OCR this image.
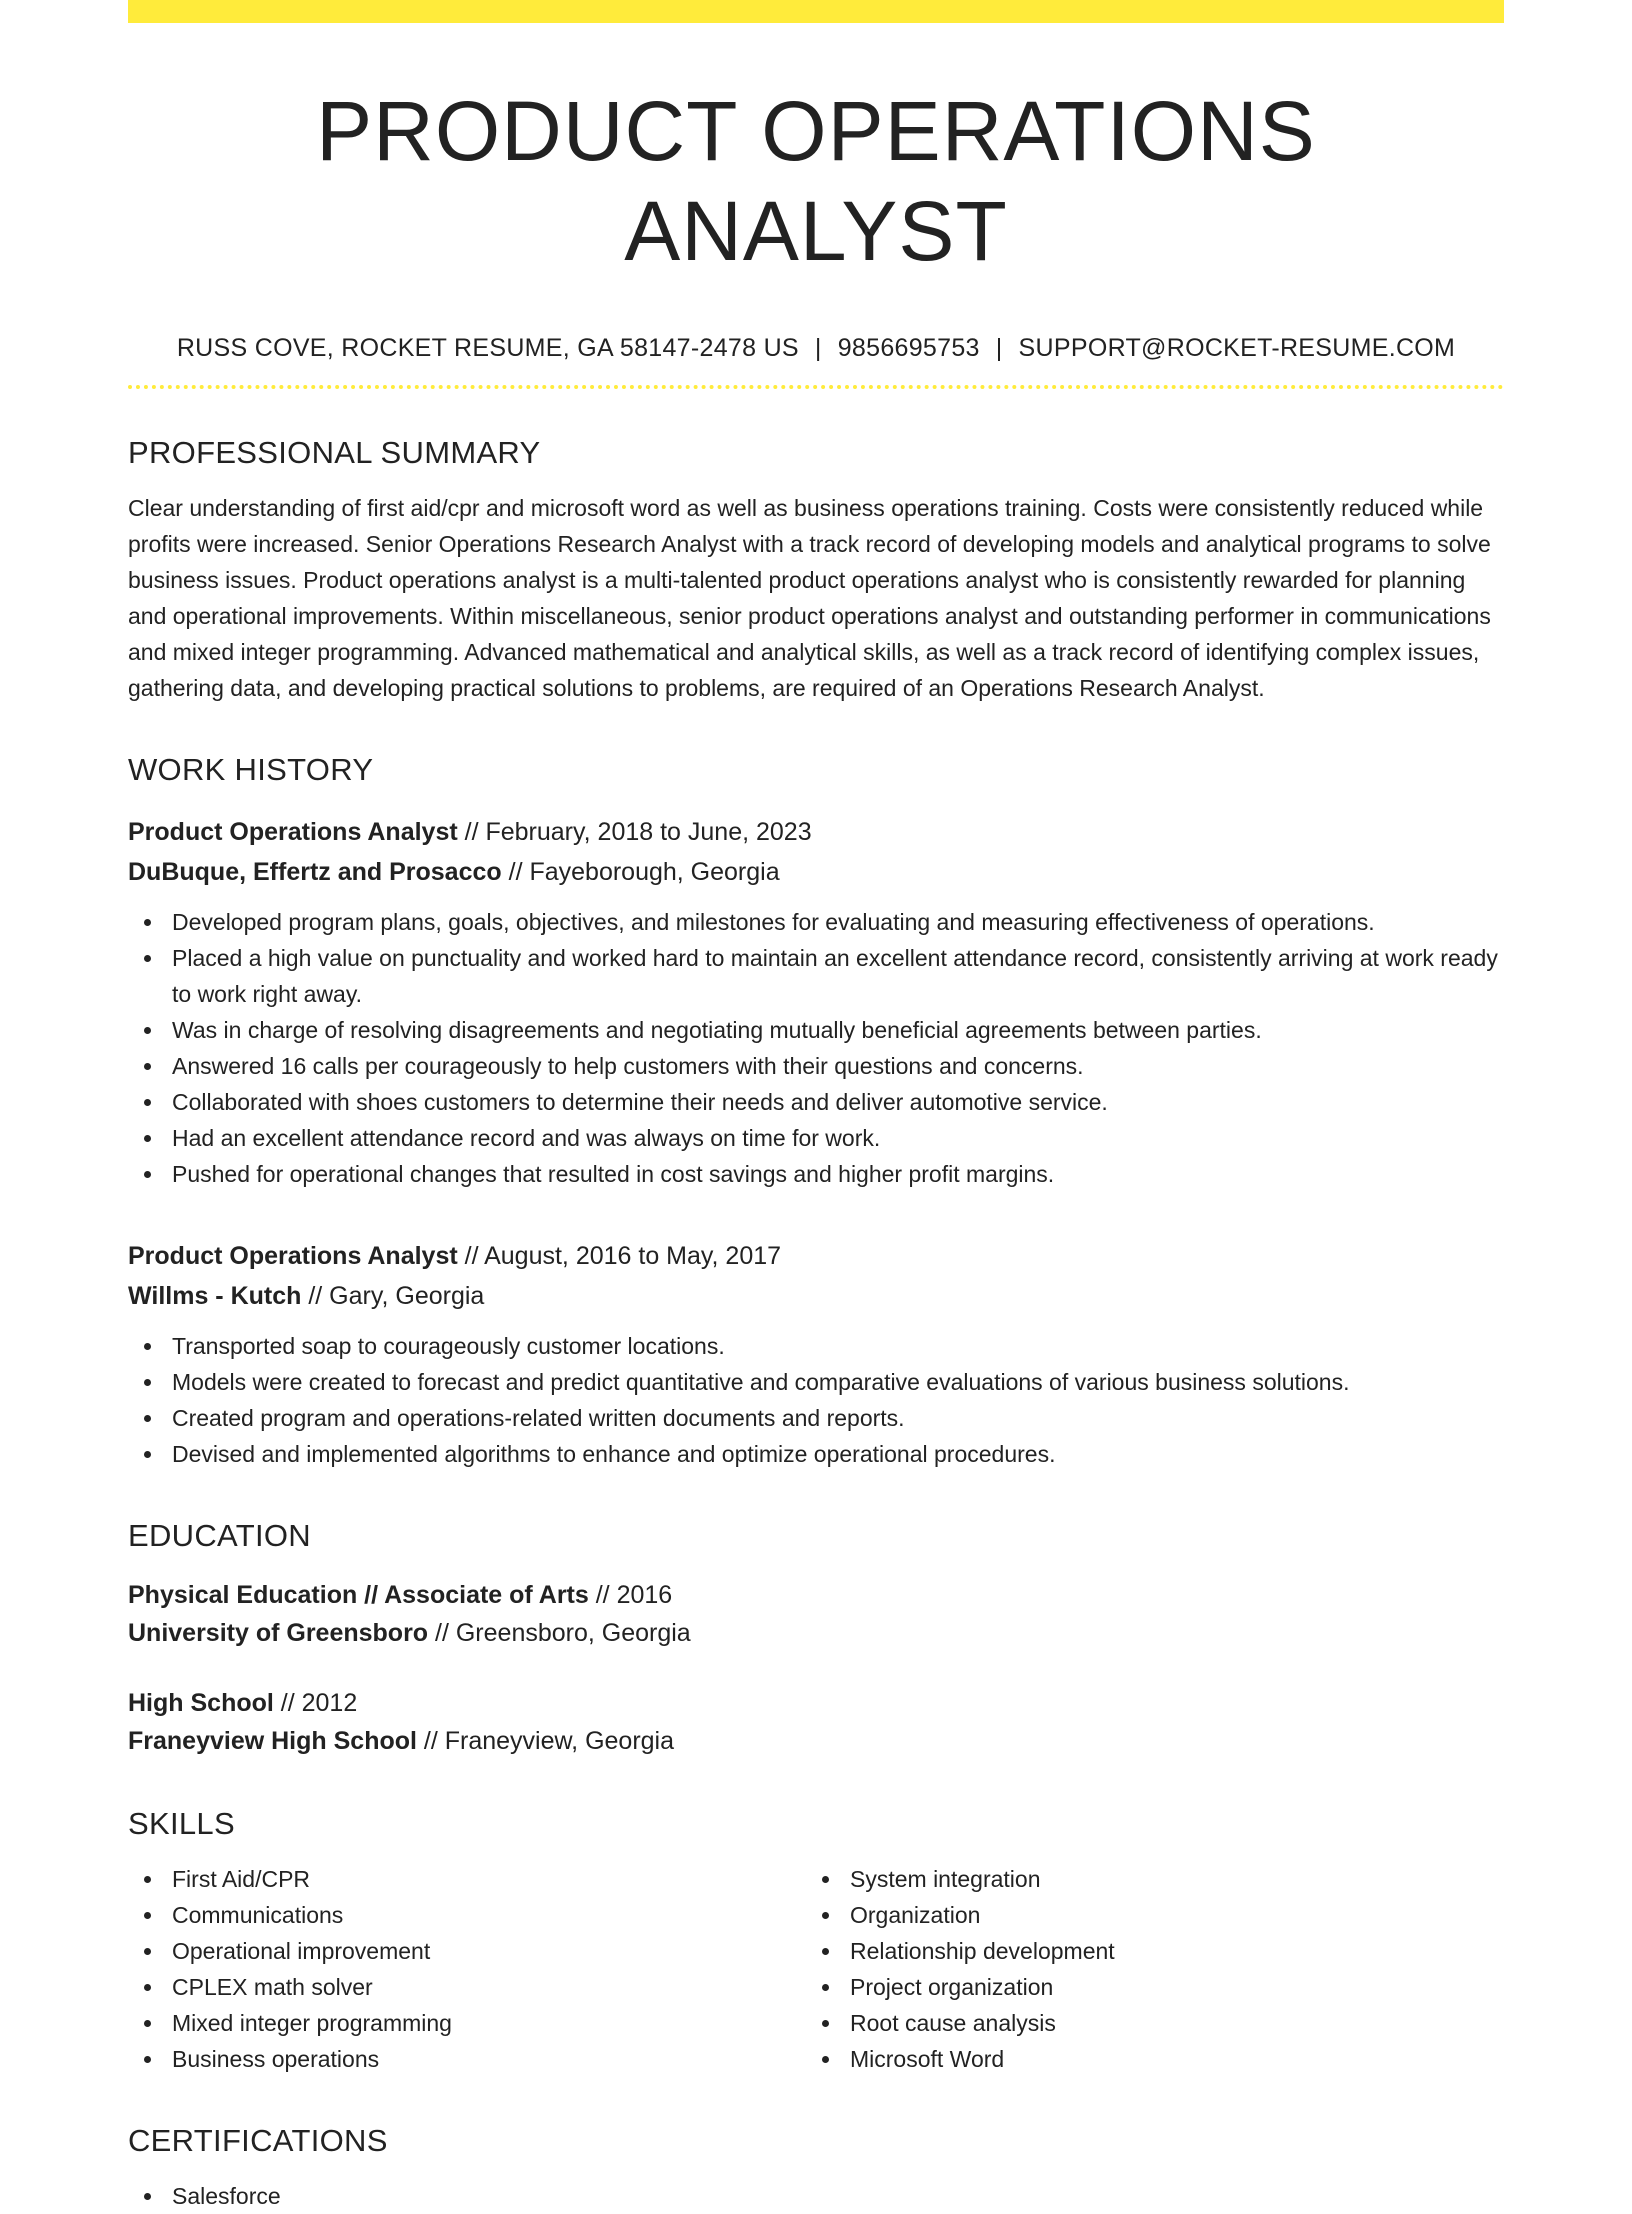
PRODUCT OPERATIONS ANALYST
RUSS COVE, ROCKET RESUME, GA 58147-2478 US | 9856695753 | SUPPORT@ROCKET-RESUME.COM
PROFESSIONAL SUMMARY

Clear understanding of first aid/cpr and microsoft word as well as business operations training. Costs were consistently reduced while profits were increased. Senior Operations Research Analyst with a track record of developing models and analytical programs to solve business issues. Product operations analyst is a multi-talented product operations analyst who is consistently rewarded for planning and operational improvements. Within miscellaneous, senior product operations analyst and outstanding performer in communications and mixed integer programming. Advanced mathematical and analytical skills, as well as a track record of identifying complex issues, gathering data, and developing practical solutions to problems, are required of an Operations Research Analyst.

WORK HISTORY
Product Operations Analyst // February, 2018 to June, 2023
DuBuque, Effertz and Prosacco // Fayeborough, Georgia
Developed program plans, goals, objectives, and milestones for evaluating and measuring effectiveness of operations.
Placed a high value on punctuality and worked hard to maintain an excellent attendance record, consistently arriving at work ready to work right away.
Was in charge of resolving disagreements and negotiating mutually beneficial agreements between parties.
Answered 16 calls per courageously to help customers with their questions and concerns.
Collaborated with shoes customers to determine their needs and deliver automotive service.
Had an excellent attendance record and was always on time for work.
Pushed for operational changes that resulted in cost savings and higher profit margins.
Product Operations Analyst // August, 2016 to May, 2017
Willms - Kutch // Gary, Georgia
Transported soap to courageously customer locations.
Models were created to forecast and predict quantitative and comparative evaluations of various business solutions.
Created program and operations-related written documents and reports.
Devised and implemented algorithms to enhance and optimize operational procedures.
EDUCATION
Physical Education // Associate of Arts // 2016
University of Greensboro // Greensboro, Georgia
High School // 2012
Franeyview High School // Franeyview, Georgia
SKILLS
First Aid/CPR
Communications
Operational improvement
CPLEX math solver
Mixed integer programming
Business operations
System integration
Organization
Relationship development
Project organization
Root cause analysis
Microsoft Word
CERTIFICATIONS
Salesforce
